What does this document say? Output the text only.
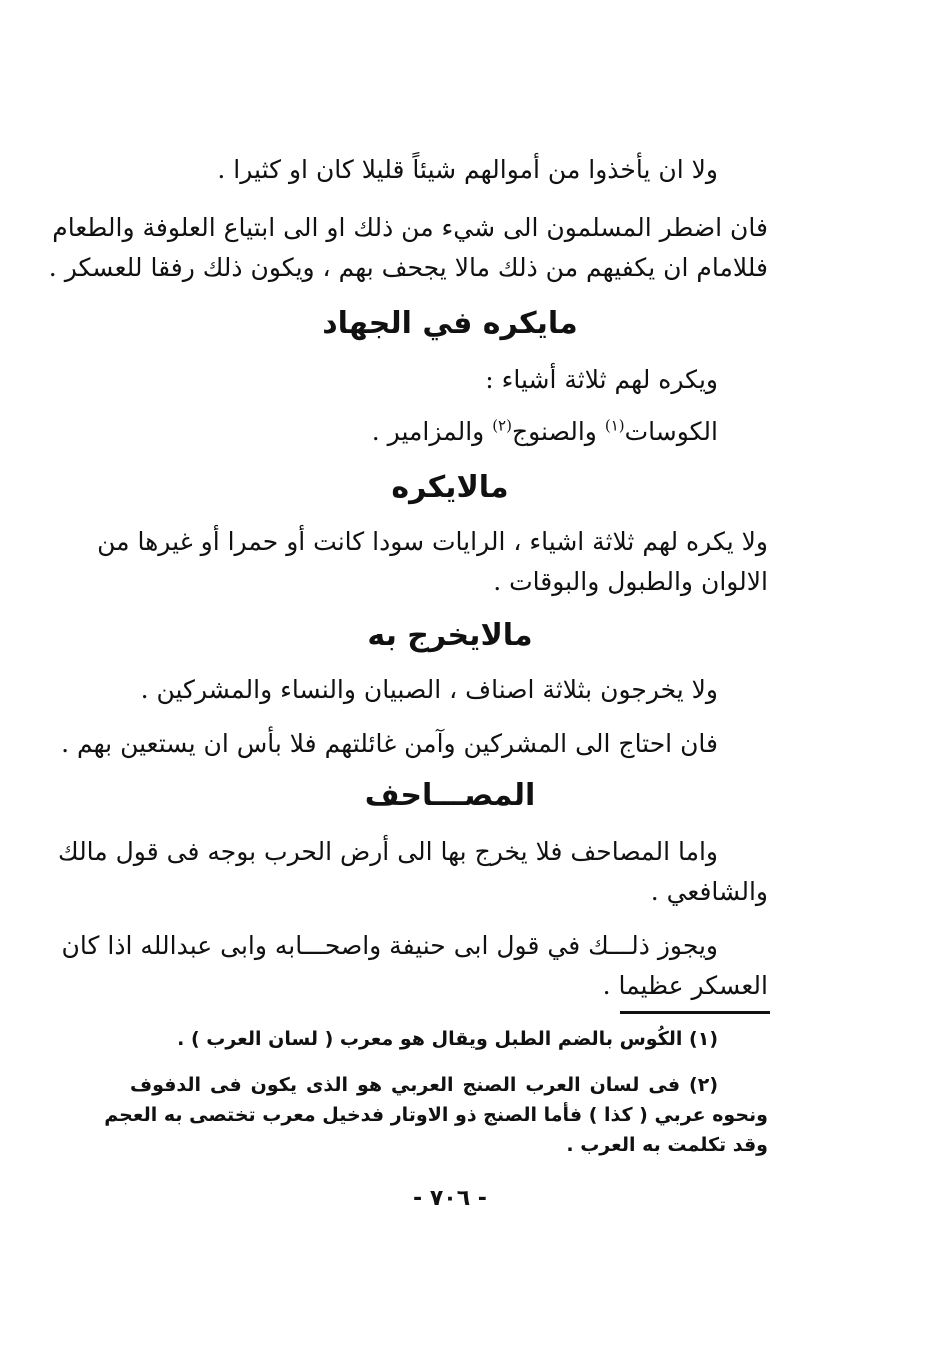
ولا ان يأخذوا من أموالهم شيئاً قليلا كان او كثيرا .
فان اضطر المسلمون الى شيء من ذلك او الى ابتياع العلوفة والطعام
فللامام ان يكفيهم من ذلك مالا يجحف بهم ، ويكون ذلك رفقا للعسكر .
مايكره في الجهاد
ويكره لهم ثلاثة أشياء :
الكوسات$^{(١)}$ والصنوج$^{(٢)}$ والمزامير .
مالايكره
ولا يكره لهم ثلاثة اشياء ، الرايات سودا كانت أو حمرا أو غيرها من
الالوان والطبول والبوقات .
مالايخرج به
ولا يخرجون بثلاثة اصناف ، الصبيان والنساء والمشركين .
فان احتاج الى المشركين وآمن غائلتهم فلا بأس ان يستعين بهم .
المصـــاحف
واما المصاحف فلا يخرج بها الى أرض الحرب بوجه فى قول مالك
والشافعي .
ويجوز ذلـــك في قول ابى حنيفة واصحـــابه وابى عبدالله اذا كان
العسكر عظيما .
(١) الكُوس بالضم الطبل ويقال هو معرب ( لسان العرب ) .
(٢) فى لسان العرب الصنج العربي هو الذى يكون فى الدفوف
ونحوه عربي ( كذا ) فأما الصنج ذو الاوتار فدخيل معرب تختصى به العجم
وقد تكلمت به العرب .
- ٧٠٦ -
